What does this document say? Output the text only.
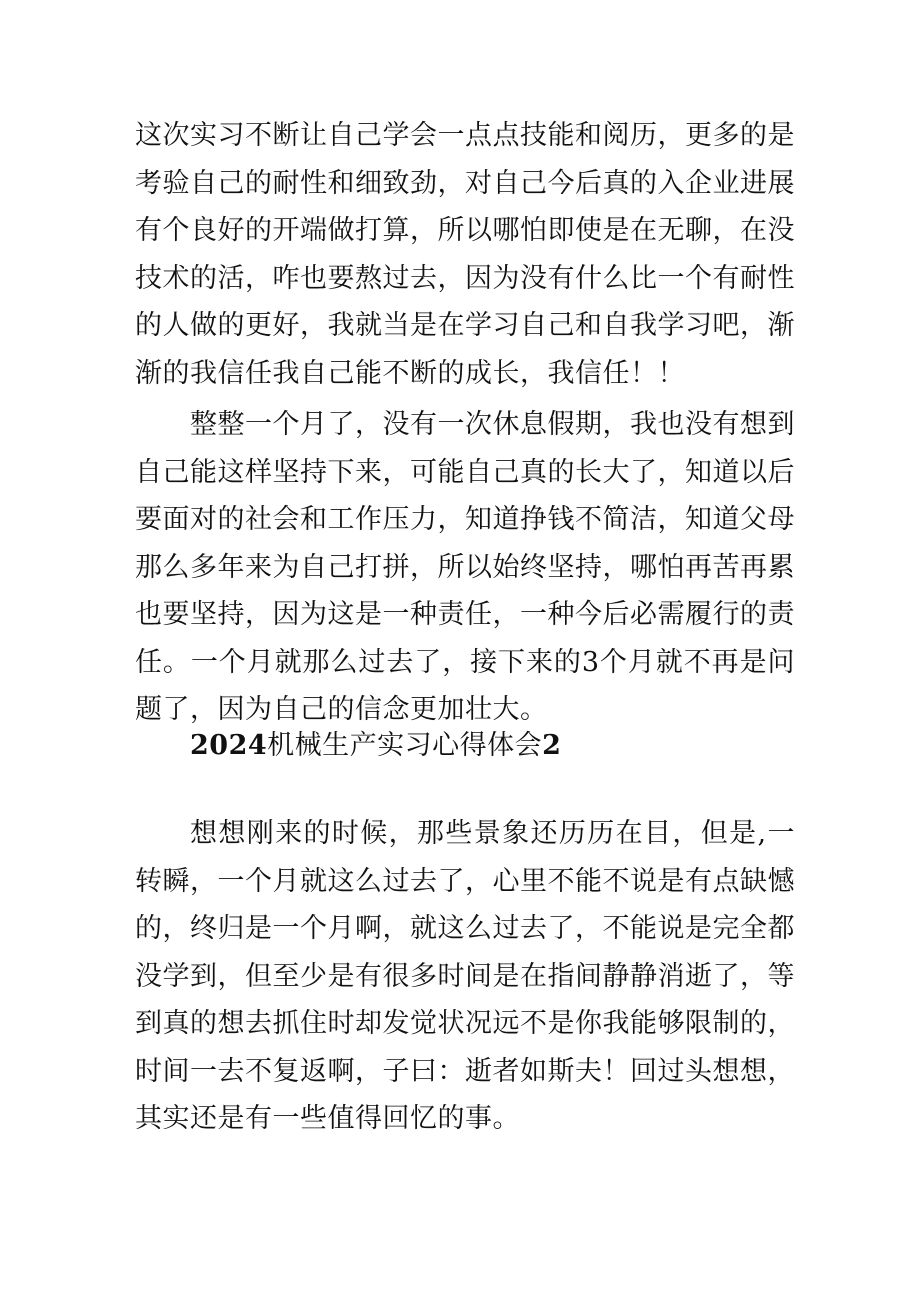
这次实习不断让自己学会一点点技能和阅历，更多的是考验自己的耐性和细致劲，对自己今后真的入企业进展有个良好的开端做打算，所以哪怕即使是在无聊，在没技术的活，咋也要熬过去，因为没有什么比一个有耐性的人做的更好，我就当是在学习自己和自我学习吧，渐渐的我信任我自己能不断的成长，我信任！！

整整一个月了，没有一次休息假期，我也没有想到自己能这样坚持下来，可能自己真的长大了，知道以后要面对的社会和工作压力，知道挣钱不简洁，知道父母那么多年来为自己打拼，所以始终坚持，哪怕再苦再累也要坚持，因为这是一种责任，一种今后必需履行的责任。一个月就那么过去了，接下来的3个月就不再是问题了，因为自己的信念更加壮大。

2024机械生产实习心得体会2

想想刚来的时候，那些景象还历历在目，但是,一转瞬，一个月就这么过去了，心里不能不说是有点缺憾的，终归是一个月啊，就这么过去了，不能说是完全都没学到，但至少是有很多时间是在指间静静消逝了，等到真的想去抓住时却发觉状况远不是你我能够限制的，时间一去不复返啊，子曰：逝者如斯夫！回过头想想，其实还是有一些值得回忆的事。
